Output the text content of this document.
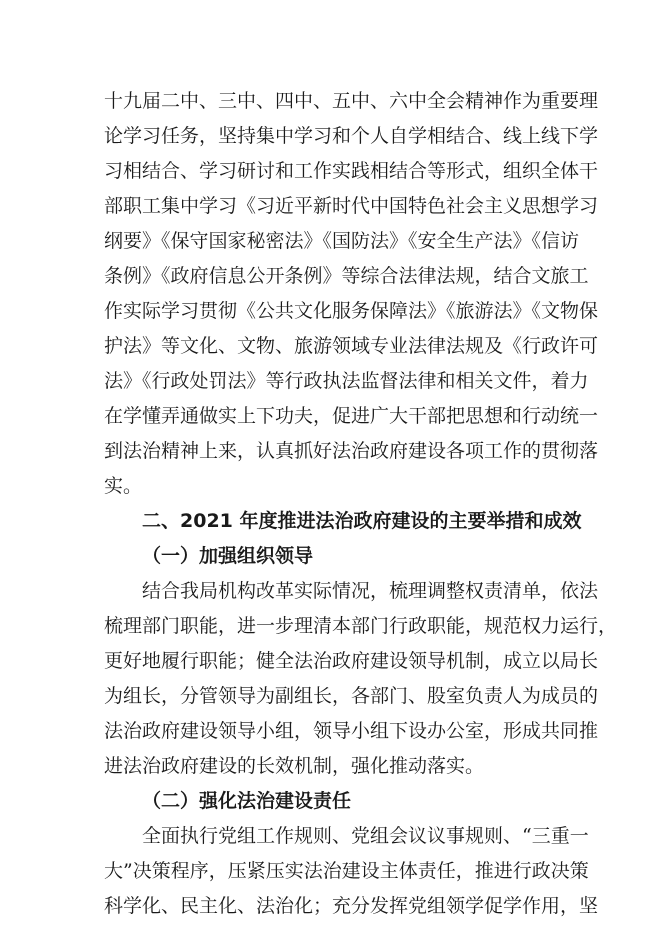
十九届二中、三中、四中、五中、六中全会精神作为重要理
论学习任务，坚持集中学习和个人自学相结合、线上线下学
习相结合、学习研讨和工作实践相结合等形式，组织全体干
部职工集中学习《习近平新时代中国特色社会主义思想学习
纲要》《保守国家秘密法》《国防法》《安全生产法》《信访
条例》《政府信息公开条例》等综合法律法规，结合文旅工
作实际学习贯彻《公共文化服务保障法》《旅游法》《文物保
护法》等文化、文物、旅游领域专业法律法规及《行政许可
法》《行政处罚法》等行政执法监督法律和相关文件，着力
在学懂弄通做实上下功夫，促进广大干部把思想和行动统一
到法治精神上来，认真抓好法治政府建设各项工作的贯彻落
实。
二、2021 年度推进法治政府建设的主要举措和成效
（一）加强组织领导
结合我局机构改革实际情况，梳理调整权责清单，依法
梳理部门职能，进一步理清本部门行政职能，规范权力运行，
更好地履行职能；健全法治政府建设领导机制，成立以局长
为组长，分管领导为副组长，各部门、股室负责人为成员的
法治政府建设领导小组，领导小组下设办公室，形成共同推
进法治政府建设的长效机制，强化推动落实。
（二）强化法治建设责任
全面执行党组工作规则、党组会议议事规则、“三重一
大”决策程序，压紧压实法治建设主体责任，推进行政决策
科学化、民主化、法治化；充分发挥党组领学促学作用，坚
